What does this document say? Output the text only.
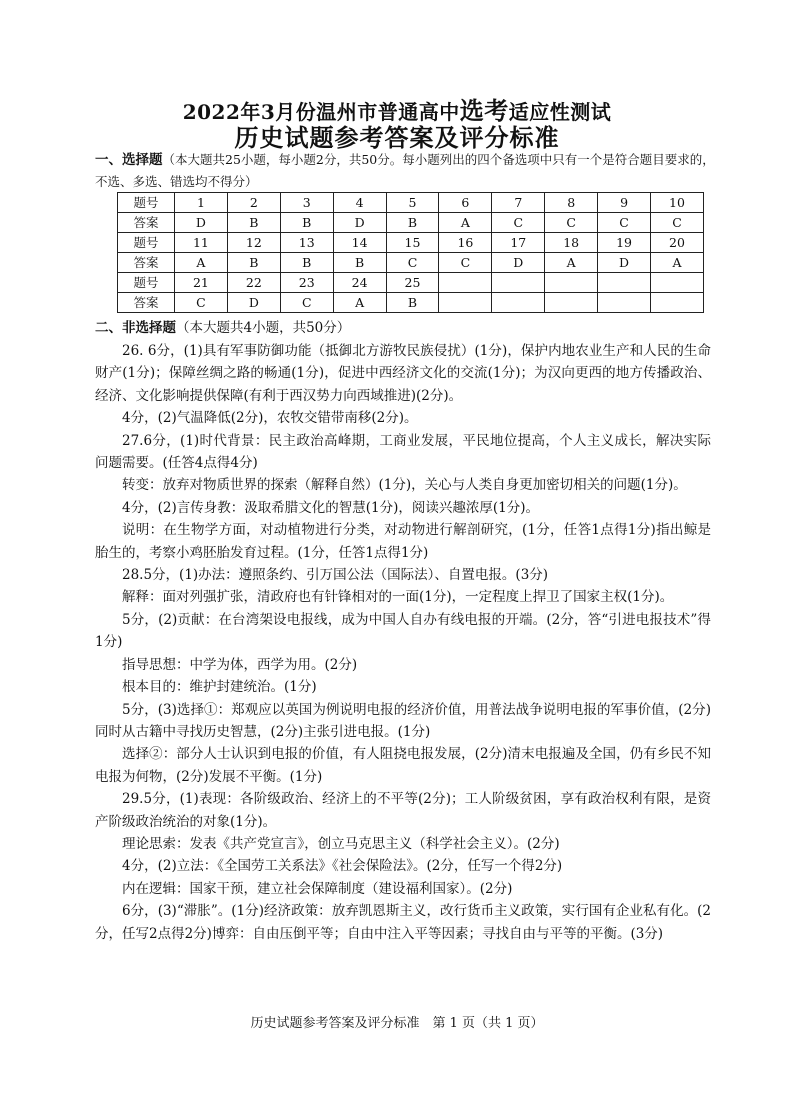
2022年3月份温州市普通高中选考适应性测试
历史试题参考答案及评分标准
一、选择题（本大题共25小题，每小题2分，共50分。每小题列出的四个备选项中只有一个是符合题目要求的，不选、多选、错选均不得分）
题号	1	2	3	4	5	6	7	8	9	10
答案	D	B	B	D	B	A	C	C	C	C
题号	11	12	13	14	15	16	17	18	19	20
答案	A	B	B	B	C	C	D	A	D	A
题号	21	22	23	24	25					
答案	C	D	C	A	B					
二、非选择题（本大题共4小题，共50分）

26. 6分，(1)具有军事防御功能（抵御北方游牧民族侵扰）(1分)，保护内地农业生产和人民的生命财产(1分)；保障丝绸之路的畅通(1分)，促进中西经济文化的交流(1分)；为汉向更西的地方传播政治、经济、文化影响提供保障(有利于西汉势力向西域推进)(2分)。

4分，(2)气温降低(2分)，农牧交错带南移(2分)。

27.6分，(1)时代背景：民主政治高峰期，工商业发展，平民地位提高，个人主义成长，解决实际问题需要。(任答4点得4分)

转变：放弃对物质世界的探索（解释自然）(1分)，关心与人类自身更加密切相关的问题(1分)。

4分，(2)言传身教：汲取希腊文化的智慧(1分)，阅读兴趣浓厚(1分)。

说明：在生物学方面，对动植物进行分类，对动物进行解剖研究，(1分，任答1点得1分)指出鲸是胎生的，考察小鸡胚胎发育过程。(1分，任答1点得1分)

28.5分，(1)办法：遵照条约、引万国公法（国际法）、自置电报。(3分)

解释：面对列强扩张，清政府也有针锋相对的一面(1分)，一定程度上捍卫了国家主权(1分)。

5分，(2)贡献：在台湾架设电报线，成为中国人自办有线电报的开端。(2分，答“引进电报技术”得1分)

指导思想：中学为体，西学为用。(2分)

根本目的：维护封建统治。(1分)

5分，(3)选择①：郑观应以英国为例说明电报的经济价值，用普法战争说明电报的军事价值，(2分)同时从古籍中寻找历史智慧，(2分)主张引进电报。(1分)

选择②：部分人士认识到电报的价值，有人阻挠电报发展，(2分)清末电报遍及全国，仍有乡民不知电报为何物，(2分)发展不平衡。(1分)

29.5分，(1)表现：各阶级政治、经济上的不平等(2分)；工人阶级贫困，享有政治权利有限，是资产阶级政治统治的对象(1分)。

理论思索：发表《共产党宣言》，创立马克思主义（科学社会主义）。(2分)

4分，(2)立法：《全国劳工关系法》《社会保险法》。(2分，任写一个得2分)

内在逻辑：国家干预，建立社会保障制度（建设福利国家）。(2分)

6分，(3)“滞胀”。(1分)经济政策：放弃凯恩斯主义，改行货币主义政策，实行国有企业私有化。(2分，任写2点得2分)博弈：自由压倒平等；自由中注入平等因素；寻找自由与平等的平衡。(3分)

历史试题参考答案及评分标准　第 1 页（共 1 页）
